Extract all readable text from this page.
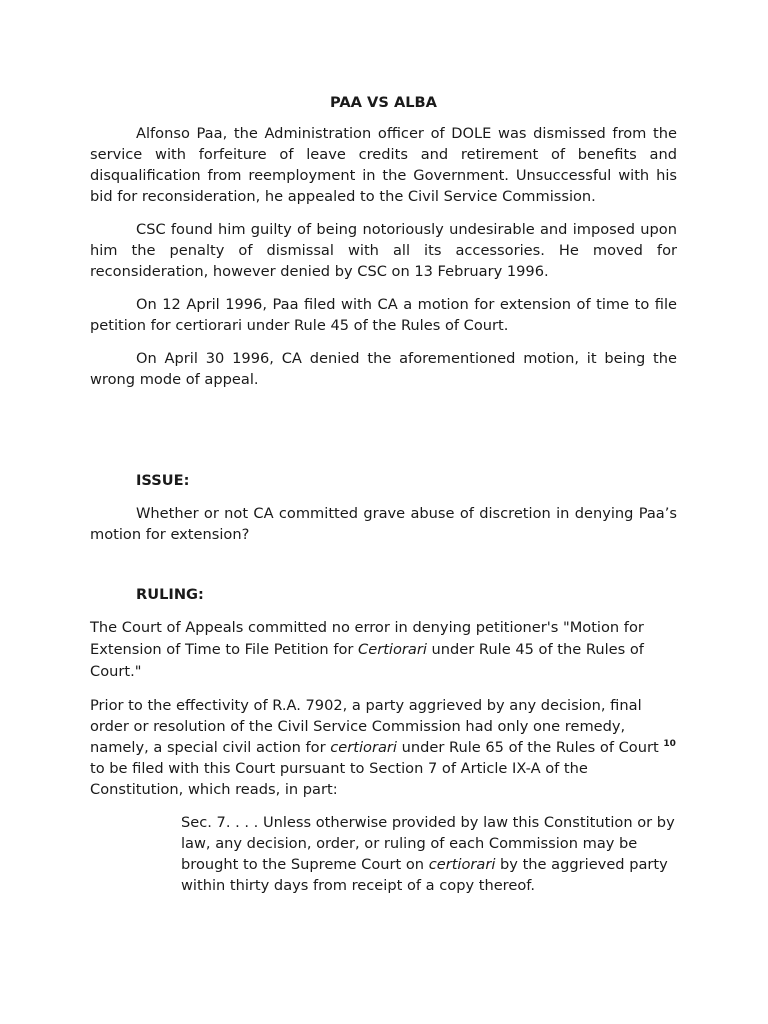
PAA VS ALBA

Alfonso Paa, the Administration officer of DOLE was dismissed from the service with forfeiture of leave credits and retirement of benefits and disqualification from reemployment in the Government. Unsuccessful with his bid for reconsideration, he appealed to the Civil Service Commission.

CSC found him guilty of being notoriously undesirable and imposed upon him the penalty of dismissal with all its accessories. He moved for reconsideration, however denied by CSC on 13 February 1996.

On 12 April 1996, Paa filed with CA a motion for extension of time to file petition for certiorari under Rule 45 of the Rules of Court.

On April 30 1996, CA denied the aforementioned motion, it being the wrong mode of appeal.

ISSUE:

Whether or not CA committed grave abuse of discretion in denying Paa’s motion for extension?

RULING:

The Court of Appeals committed no error in denying petitioner's "Motion for Extension of Time to File Petition for Certiorari under Rule 45 of the Rules of Court."

Prior to the effectivity of R.A. 7902, a party aggrieved by any decision, final order or resolution of the Civil Service Commission had only one remedy, namely, a special civil action for certiorari under Rule 65 of the Rules of Court $^{10}$ to be filed with this Court pursuant to Section 7 of Article IX-A of the Constitution, which reads, in part:

Sec. 7. . . . Unless otherwise provided by law this Constitution or by law, any decision, order, or ruling of each Commission may be brought to the Supreme Court on certiorari by the aggrieved party within thirty days from receipt of a copy thereof.
